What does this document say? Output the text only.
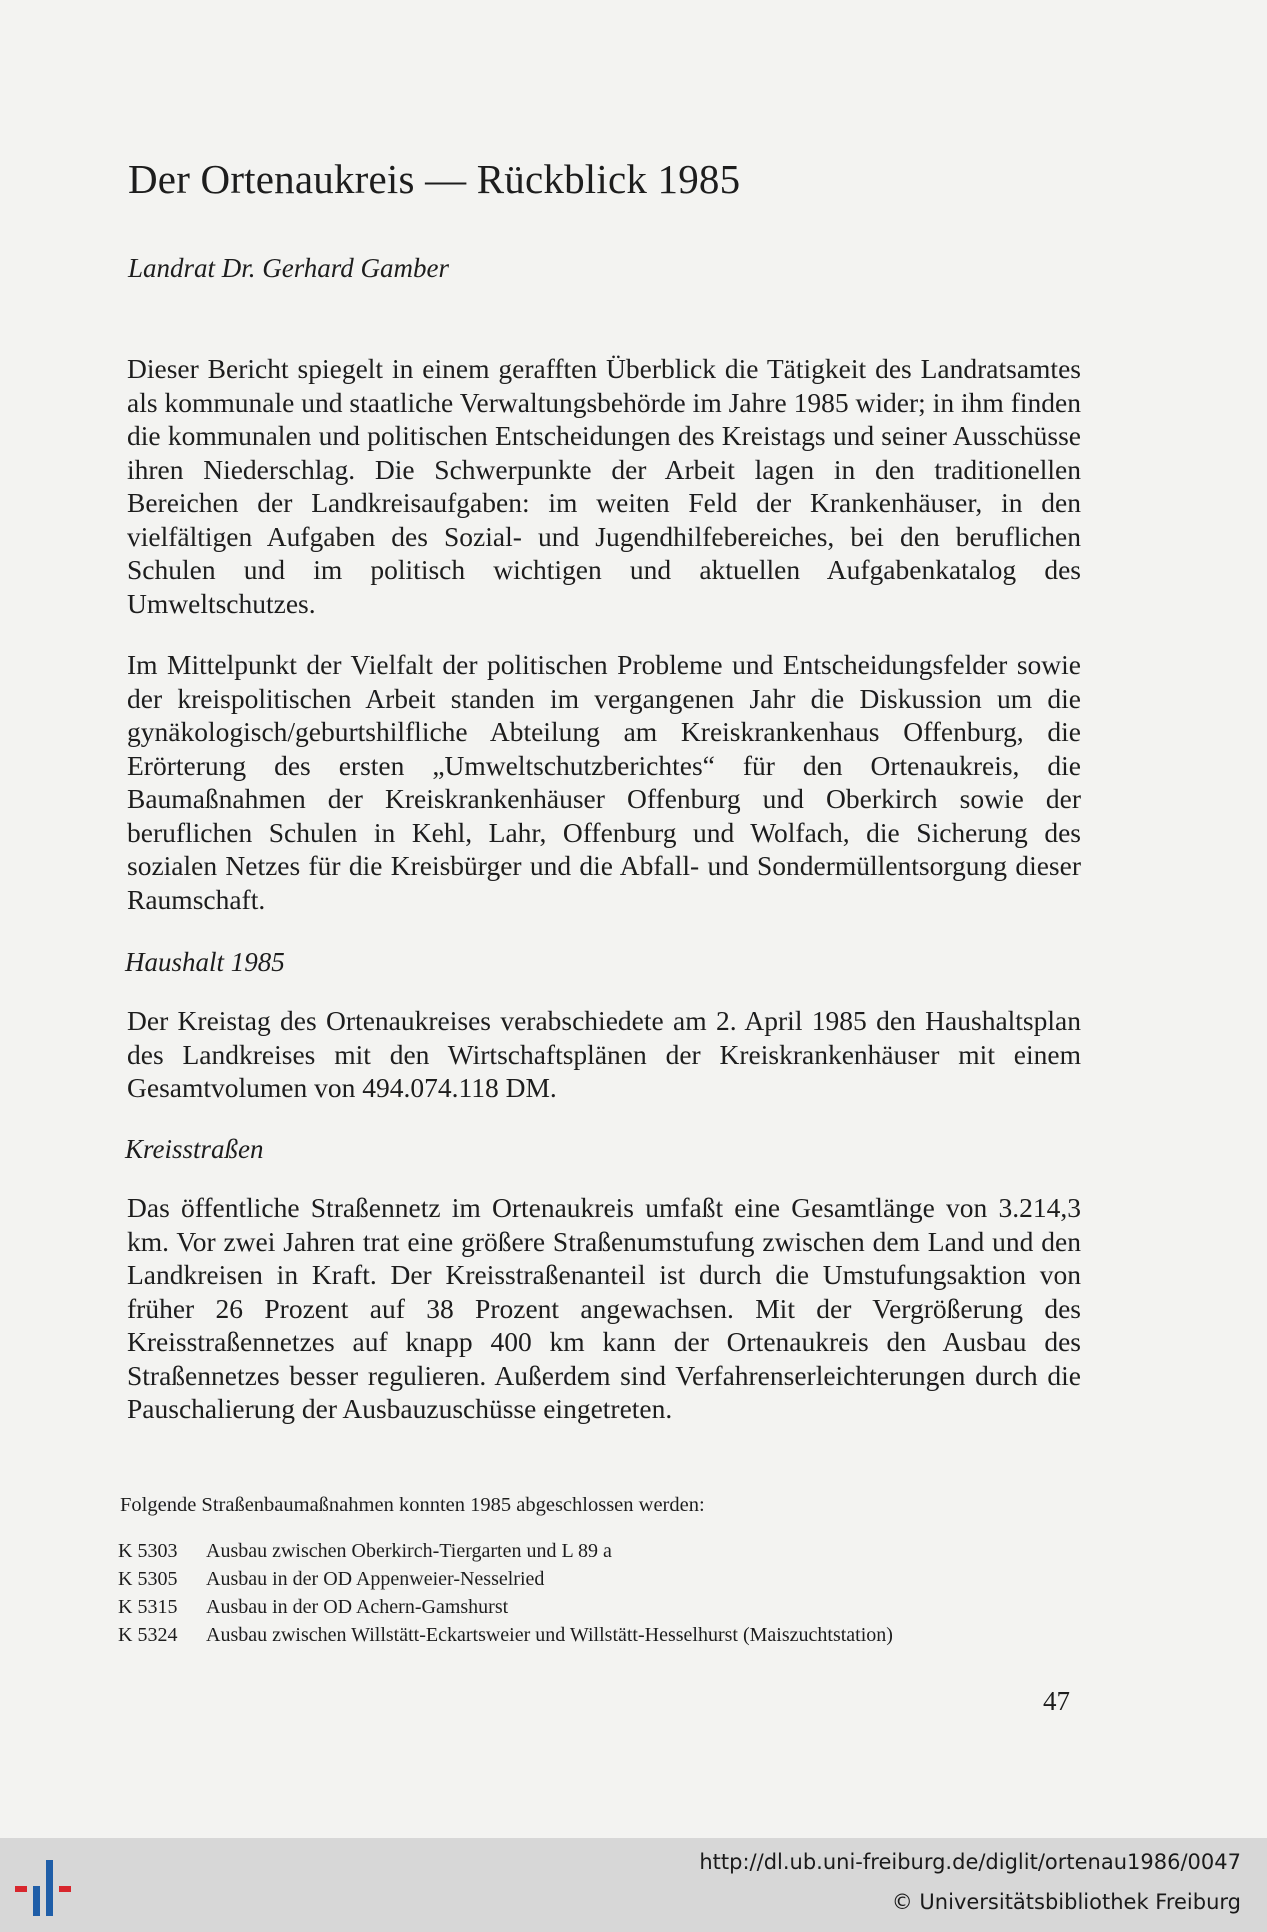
Der Ortenaukreis — Rückblick 1985
Landrat Dr. Gerhard Gamber

Dieser Bericht spiegelt in einem gerafften Überblick die Tätigkeit des Landratsamtes als kommunale und staatliche Verwaltungsbehörde im Jahre 1985 wider; in ihm finden die kommunalen und politischen Entscheidungen des Kreistags und seiner Ausschüsse ihren Niederschlag. Die Schwerpunkte der Arbeit lagen in den traditionellen Bereichen der Landkreisaufgaben: im weiten Feld der Krankenhäuser, in den vielfältigen Aufgaben des Sozial- und Jugendhilfebereiches, bei den beruflichen Schulen und im politisch wichtigen und aktuellen Aufgabenkatalog des Umweltschutzes.

Im Mittelpunkt der Vielfalt der politischen Probleme und Entscheidungsfelder sowie der kreispolitischen Arbeit standen im vergangenen Jahr die Diskussion um die gynäkologisch/geburtshilfliche Abteilung am Kreiskrankenhaus Offenburg, die Erörterung des ersten „Umweltschutzberichtes“ für den Ortenaukreis, die Baumaßnahmen der Kreiskrankenhäuser Offenburg und Oberkirch sowie der beruflichen Schulen in Kehl, Lahr, Offenburg und Wolfach, die Sicherung des sozialen Netzes für die Kreisbürger und die Abfall- und Sondermüllentsorgung dieser Raumschaft.

Haushalt 1985

Der Kreistag des Ortenaukreises verabschiedete am 2. April 1985 den Haushaltsplan des Landkreises mit den Wirtschaftsplänen der Kreiskrankenhäuser mit einem Gesamtvolumen von 494.074.118 DM.

Kreisstraßen

Das öffentliche Straßennetz im Ortenaukreis umfaßt eine Gesamtlänge von 3.214,3 km. Vor zwei Jahren trat eine größere Straßenumstufung zwischen dem Land und den Landkreisen in Kraft. Der Kreisstraßenanteil ist durch die Umstufungsaktion von früher 26 Prozent auf 38 Prozent angewachsen. Mit der Vergrößerung des Kreisstraßennetzes auf knapp 400 km kann der Ortenaukreis den Ausbau des Straßennetzes besser regulieren. Außerdem sind Verfahrenserleichterungen durch die Pauschalierung der Ausbauzuschüsse eingetreten.

Folgende Straßenbaumaßnahmen konnten 1985 abgeschlossen werden:
K 5303 Ausbau zwischen Oberkirch-Tiergarten und L 89 a
K 5305 Ausbau in der OD Appenweier-Nesselried
K 5315 Ausbau in der OD Achern-Gamshurst
K 5324 Ausbau zwischen Willstätt-Eckartsweier und Willstätt-Hesselhurst (Maiszuchtstation)
47
http://dl.ub.uni-freiburg.de/diglit/ortenau1986/0047
© Universitätsbibliothek Freiburg
